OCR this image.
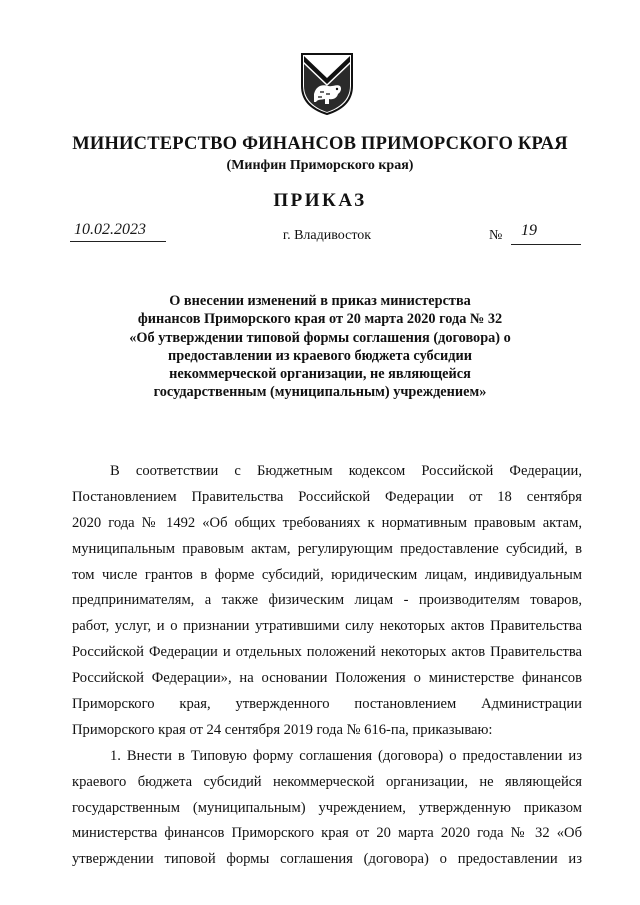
МИНИСТЕРСТВО ФИНАНСОВ ПРИМОРСКОГО КРАЯ
(Минфин Приморского края)
ПРИКАЗ
10.02.2023	г. Владивосток	№ 19
О внесении изменений в приказ министерства
финансов Приморского края от 20 марта 2020 года № 32
«Об утверждении типовой формы соглашения (договора) о
предоставлении из краевого бюджета субсидии
некоммерческой организации, не являющейся
государственным (муниципальным) учреждением»
В соответствии с Бюджетным кодексом Российской Федерации,
Постановлением Правительства Российской Федерации от 18 сентября
2020 года № 1492 «Об общих требованиях к нормативным правовым актам,
муниципальным правовым актам, регулирующим предоставление субсидий, в
том числе грантов в форме субсидий, юридическим лицам, индивидуальным
предпринимателям, а также физическим лицам - производителям товаров,
работ, услуг, и о признании утратившими силу некоторых актов Правительства
Российской Федерации и отдельных положений некоторых актов Правительства
Российской Федерации», на основании Положения о министерстве финансов
Приморского края, утвержденного постановлением Администрации
Приморского края от 24 сентября 2019 года № 616-па, приказываю:
1. Внести в Типовую форму соглашения (договора) о предоставлении из
краевого бюджета субсидий некоммерческой организации, не являющейся
государственным (муниципальным) учреждением, утвержденную приказом
министерства финансов Приморского края от 20 марта 2020 года № 32 «Об
утверждении типовой формы соглашения (договора) о предоставлении из
